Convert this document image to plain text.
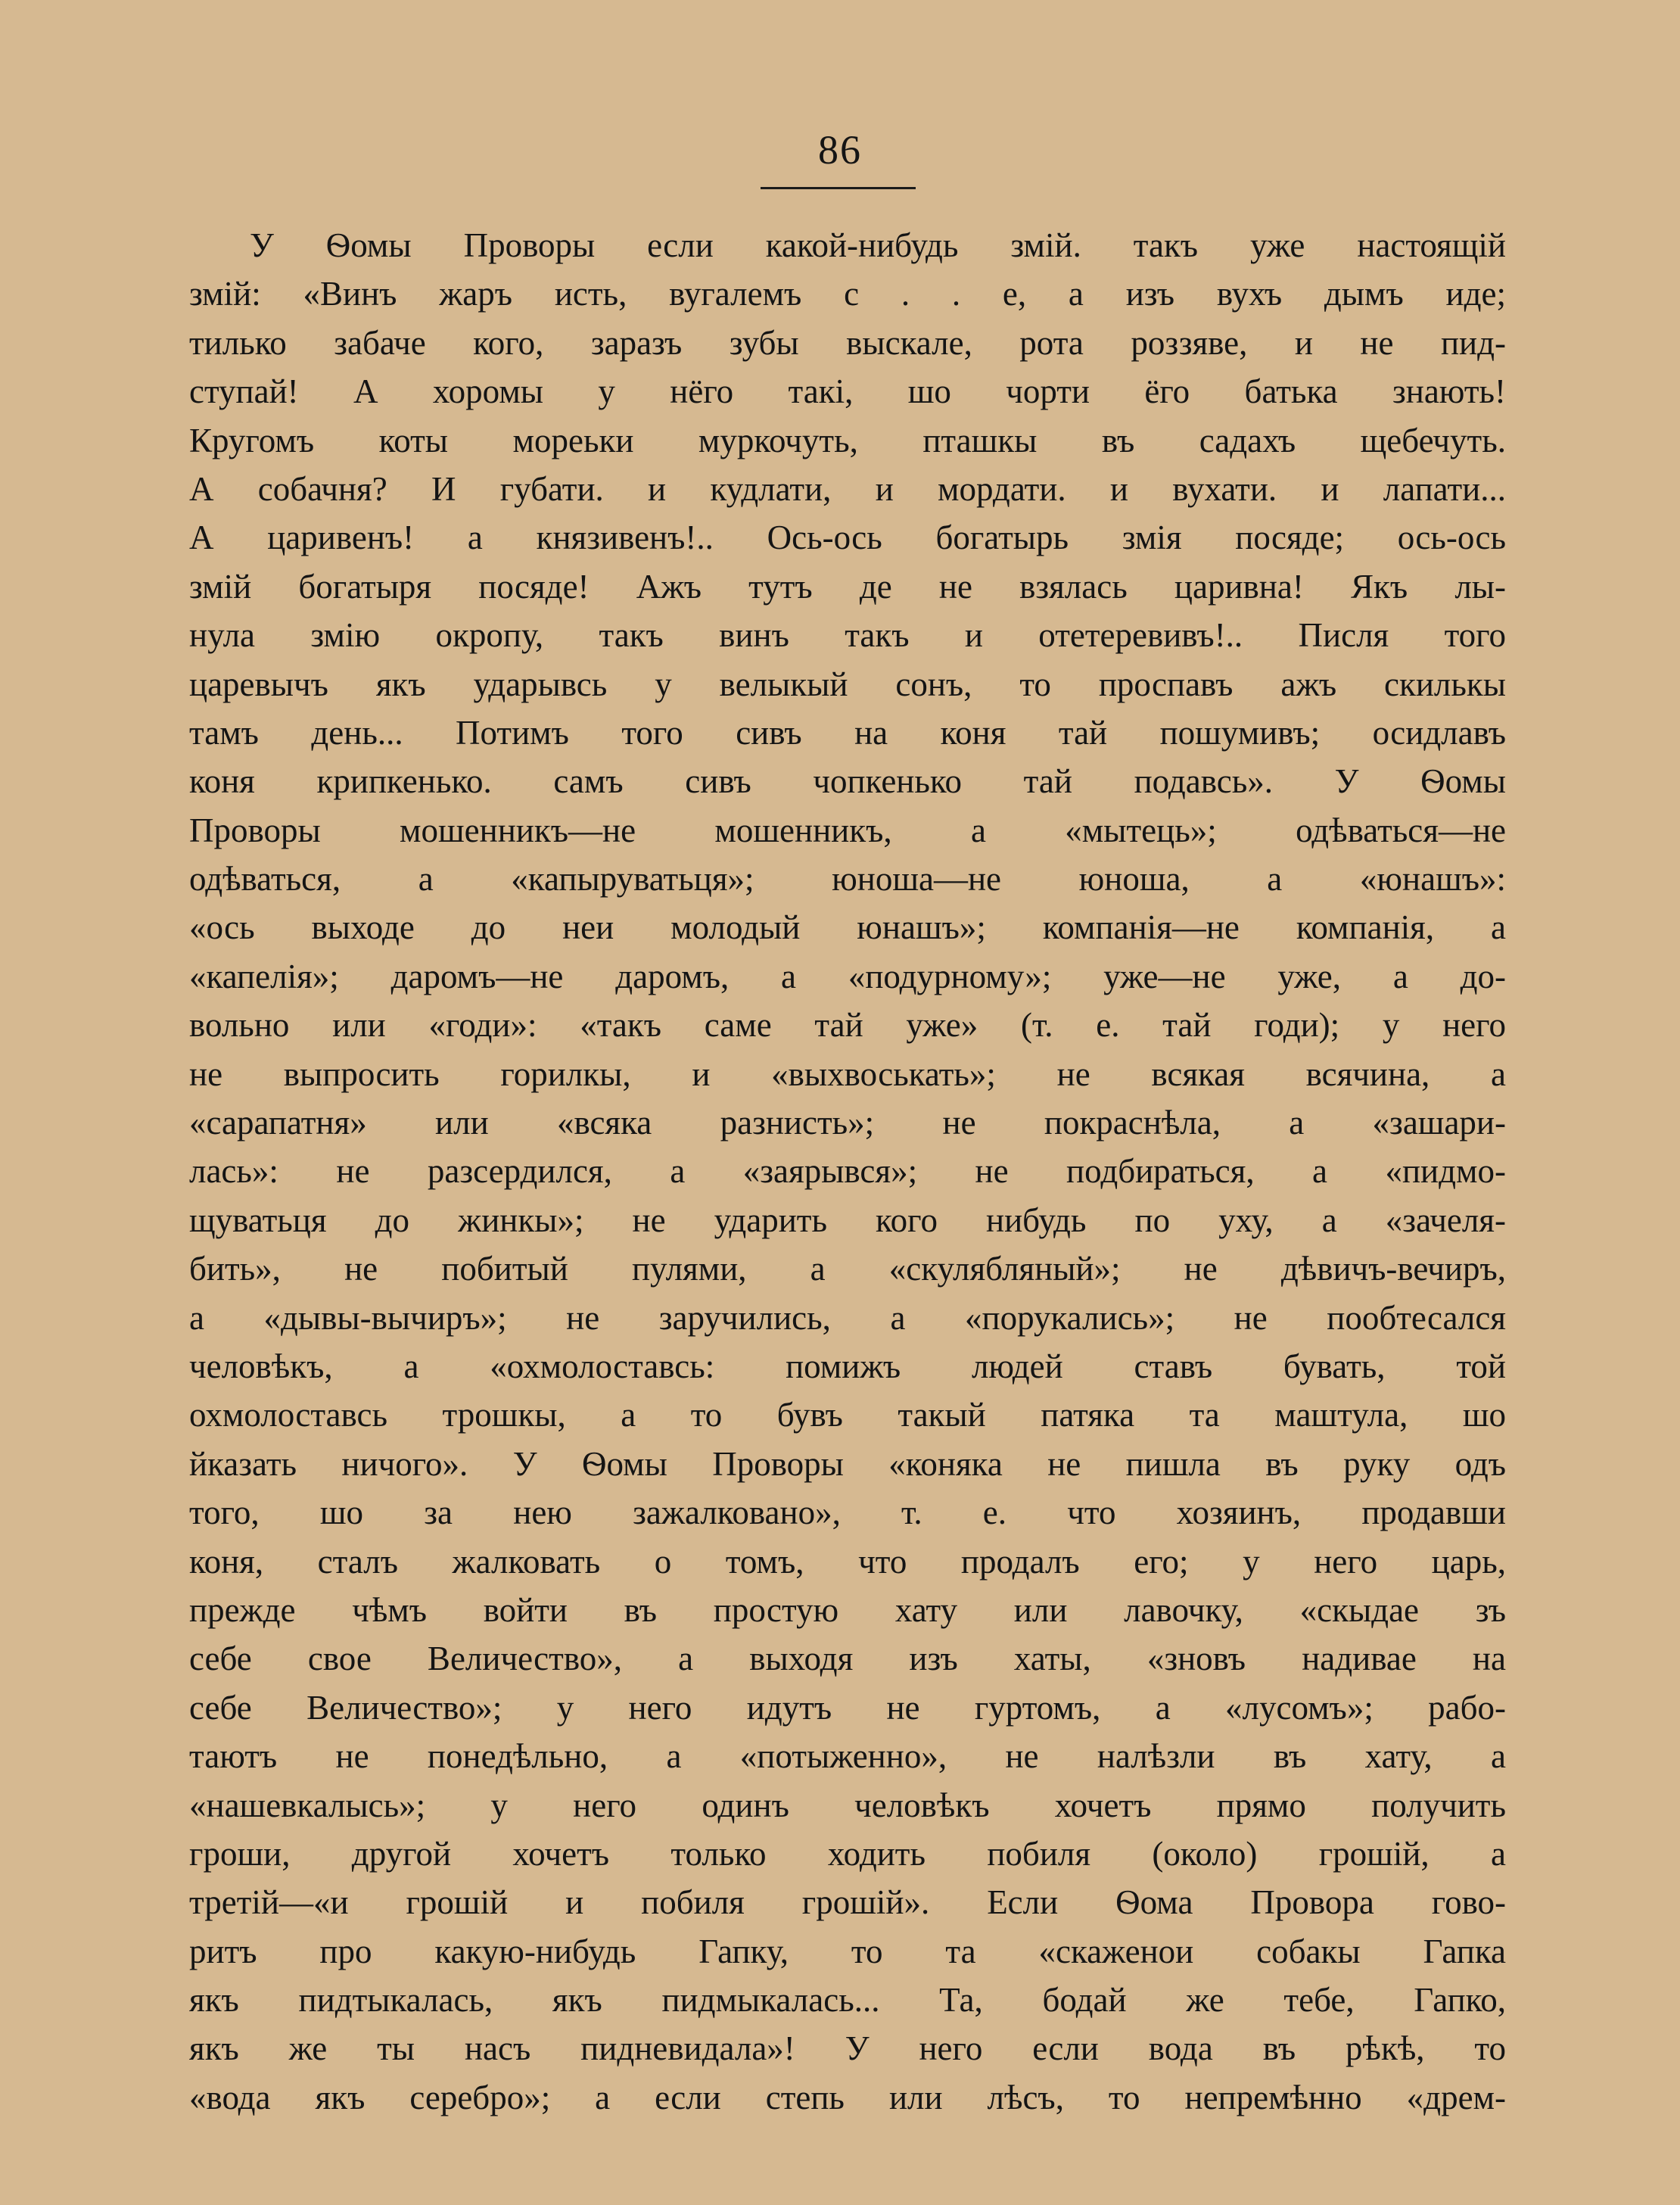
86
У Ѳомы Проворы если какой-нибудь змій. такъ уже настоящій
змій: «Винъ жаръ исть, вугалемъ с . . е, а изъ вухъ дымъ иде;
тилько забаче кого, заразъ зубы выскале, рота роззяве, и не пид-
ступай! А хоромы у нёго такі, шо чорти ёго батька знають!
Кругомъ коты мореьки муркочуть, пташкы въ садахъ щебечуть.
А собачня? И губати. и кудлати, и мордати. и вухати. и лапати...
А царивенъ! а князивенъ!.. Ось-ось богатырь змія посяде; ось-ось
змій богатыря посяде! Ажъ тутъ де не взялась царивна! Якъ лы-
нула змію окропу, такъ винъ такъ и отетеревивъ!.. Писля того
царевычъ якъ ударывсь у велыкый сонъ, то проспавъ ажъ скилькы
тамъ день... Потимъ того сивъ на коня тай пошумивъ; осидлавъ
коня крипкенько. самъ сивъ чопкенько тай подавсь». У Ѳомы
Проворы мошенникъ—не мошенникъ, а «мытець»; одѣваться—не
одѣваться, а «капыруватьця»; юноша—не юноша, а «юнашъ»:
«ось выходе до неи молодый юнашъ»; компанія—не компанія, а
«капелія»; даромъ—не даромъ, а «подурному»; уже—не уже, а до-
вольно или «годи»: «такъ саме тай уже» (т. е. тай годи); у него
не выпросить горилкы, и «выхвоськать»; не всякая всячина, а
«сарапатня» или «всяка разнисть»; не покраснѣла, а «зашари-
лась»: не разсердился, а «заярывся»; не подбираться, а «пидмо-
щуватьця до жинкы»; не ударить кого нибудь по уху, а «зачеля-
бить», не побитый пулями, а «скулябляный»; не дѣвичъ-вечиръ,
а «дывы-вычиръ»; не заручились, а «порукались»; не пообтесался
человѣкъ, а «охмолоставсь: помижъ людей ставъ бувать, той
охмолоставсь трошкы, а то бувъ такый патяка та маштула, шо
йказать ничого». У Ѳомы Проворы «коняка не пишла въ руку одъ
того, шо за нею зажалковано», т. е. что хозяинъ, продавши
коня, сталъ жалковать о томъ, что продалъ его; у него царь,
прежде чѣмъ войти въ простую хату или лавочку, «скыдае зъ
себе свое Величество», а выходя изъ хаты, «зновъ надивае на
себе Величество»; у него идутъ не гуртомъ, а «лусомъ»; рабо-
таютъ не понедѣльно, а «потыженно», не налѣзли въ хату, а
«нашевкалысь»; у него одинъ человѣкъ хочетъ прямо получить
гроши, другой хочетъ только ходить побиля (около) грошій, а
третій—«и грошій и побиля грошій». Если Ѳома Провора гово-
ритъ про какую-нибудь Гапку, то та «скаженои собакы Гапка
якъ пидтыкалась, якъ пидмыкалась... Та, бодай же тебе, Гапко,
якъ же ты насъ пидневидала»! У него если вода въ рѣкѣ, то
«вода якъ серебро»; а если степь или лѣсъ, то непремѣнно «дрем-
